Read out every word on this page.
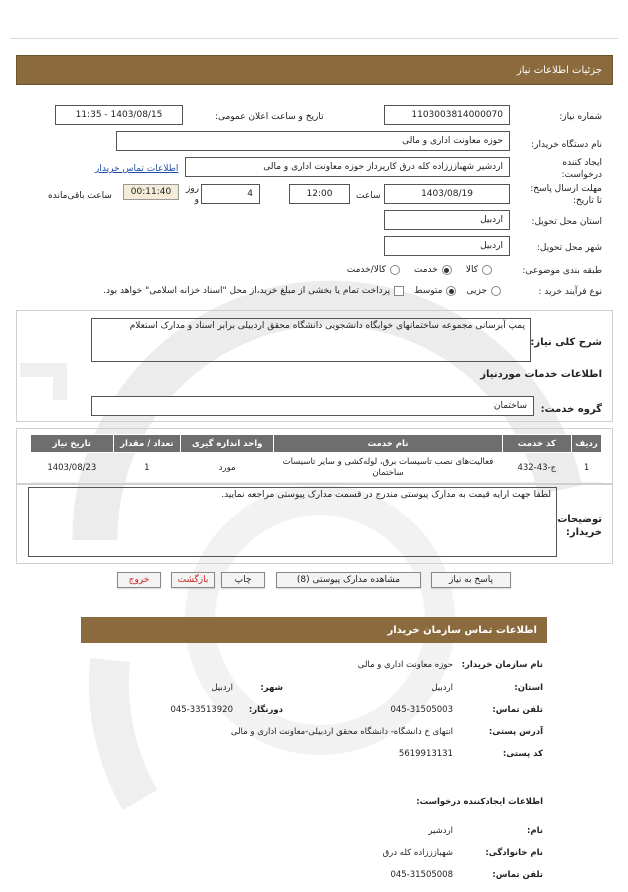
جزئیات اطلاعات نیاز
شماره نیاز:
1103003814000070
تاریخ و ساعت اعلان عمومی:
1403/08/15 - 11:35
نام دستگاه خریدار:
حوزه معاونت اداری و مالی
ایجاد کننده درخواست:
اردشیر شهبازززاده کله درق کارپرداز حوزه معاونت اداری و مالی
اطلاعات تماس خریدار
مهلت ارسال پاسخ: تا تاریخ:
1403/08/19
ساعت
12:00
4
روز و
00:11:40
ساعت باقی‌مانده
استان محل تحویل:
اردبیل
شهر محل تحویل:
اردبیل
طبقه بندی موضوعی:
کالا
خدمت
کالا/خدمت
نوع فرآیند خرید :
جزیی
متوسط
پرداخت تمام یا بخشی از مبلغ خرید،از محل "اسناد خزانه اسلامی" خواهد بود.
شرح کلی نیاز:
پمپ آبرسانی مجموعه ساختمانهای خوابگاه دانشجویی دانشگاه محقق اردبیلی برابر اسناد و مدارک استعلام
اطلاعات خدمات موردنیاز
گروه خدمت:
ساختمان
ردیف	کد خدمت	نام خدمت	واحد اندازه گیری	تعداد / مقدار	تاریخ نیاز
1	ج-43-432	فعالیت‌های نصب تاسیسات برق، لوله‌کشی و سایر تاسیسات ساختمان	مورد	1	1403/08/23
لطفا جهت ارایه قیمت به مدارک پیوستی مندرج در قسمت مدارک پیوستی مراجعه نمایید.
توضیحات خریدار:
پاسخ به نیاز
مشاهده مدارک پیوستی (8)
چاپ
بازگشت
خروج
اطلاعات تماس سازمان خریدار
نام سازمان خریدار:
حوزه معاونت اداری و مالی
استان:
اردبیل
شهر:
اردبیل
تلفن تماس:
045-31505003
دورنگار:
045-33513920
آدرس پستی:
انتهای خ دانشگاه- دانشگاه محقق اردبیلی-معاونت اداری و مالی
کد پستی:
5619913131
اطلاعات ایجادکننده درخواست:
نام:
اردشیر
نام خانوادگی:
شهبازززاده کله درق
تلفن تماس:
045-31505008
